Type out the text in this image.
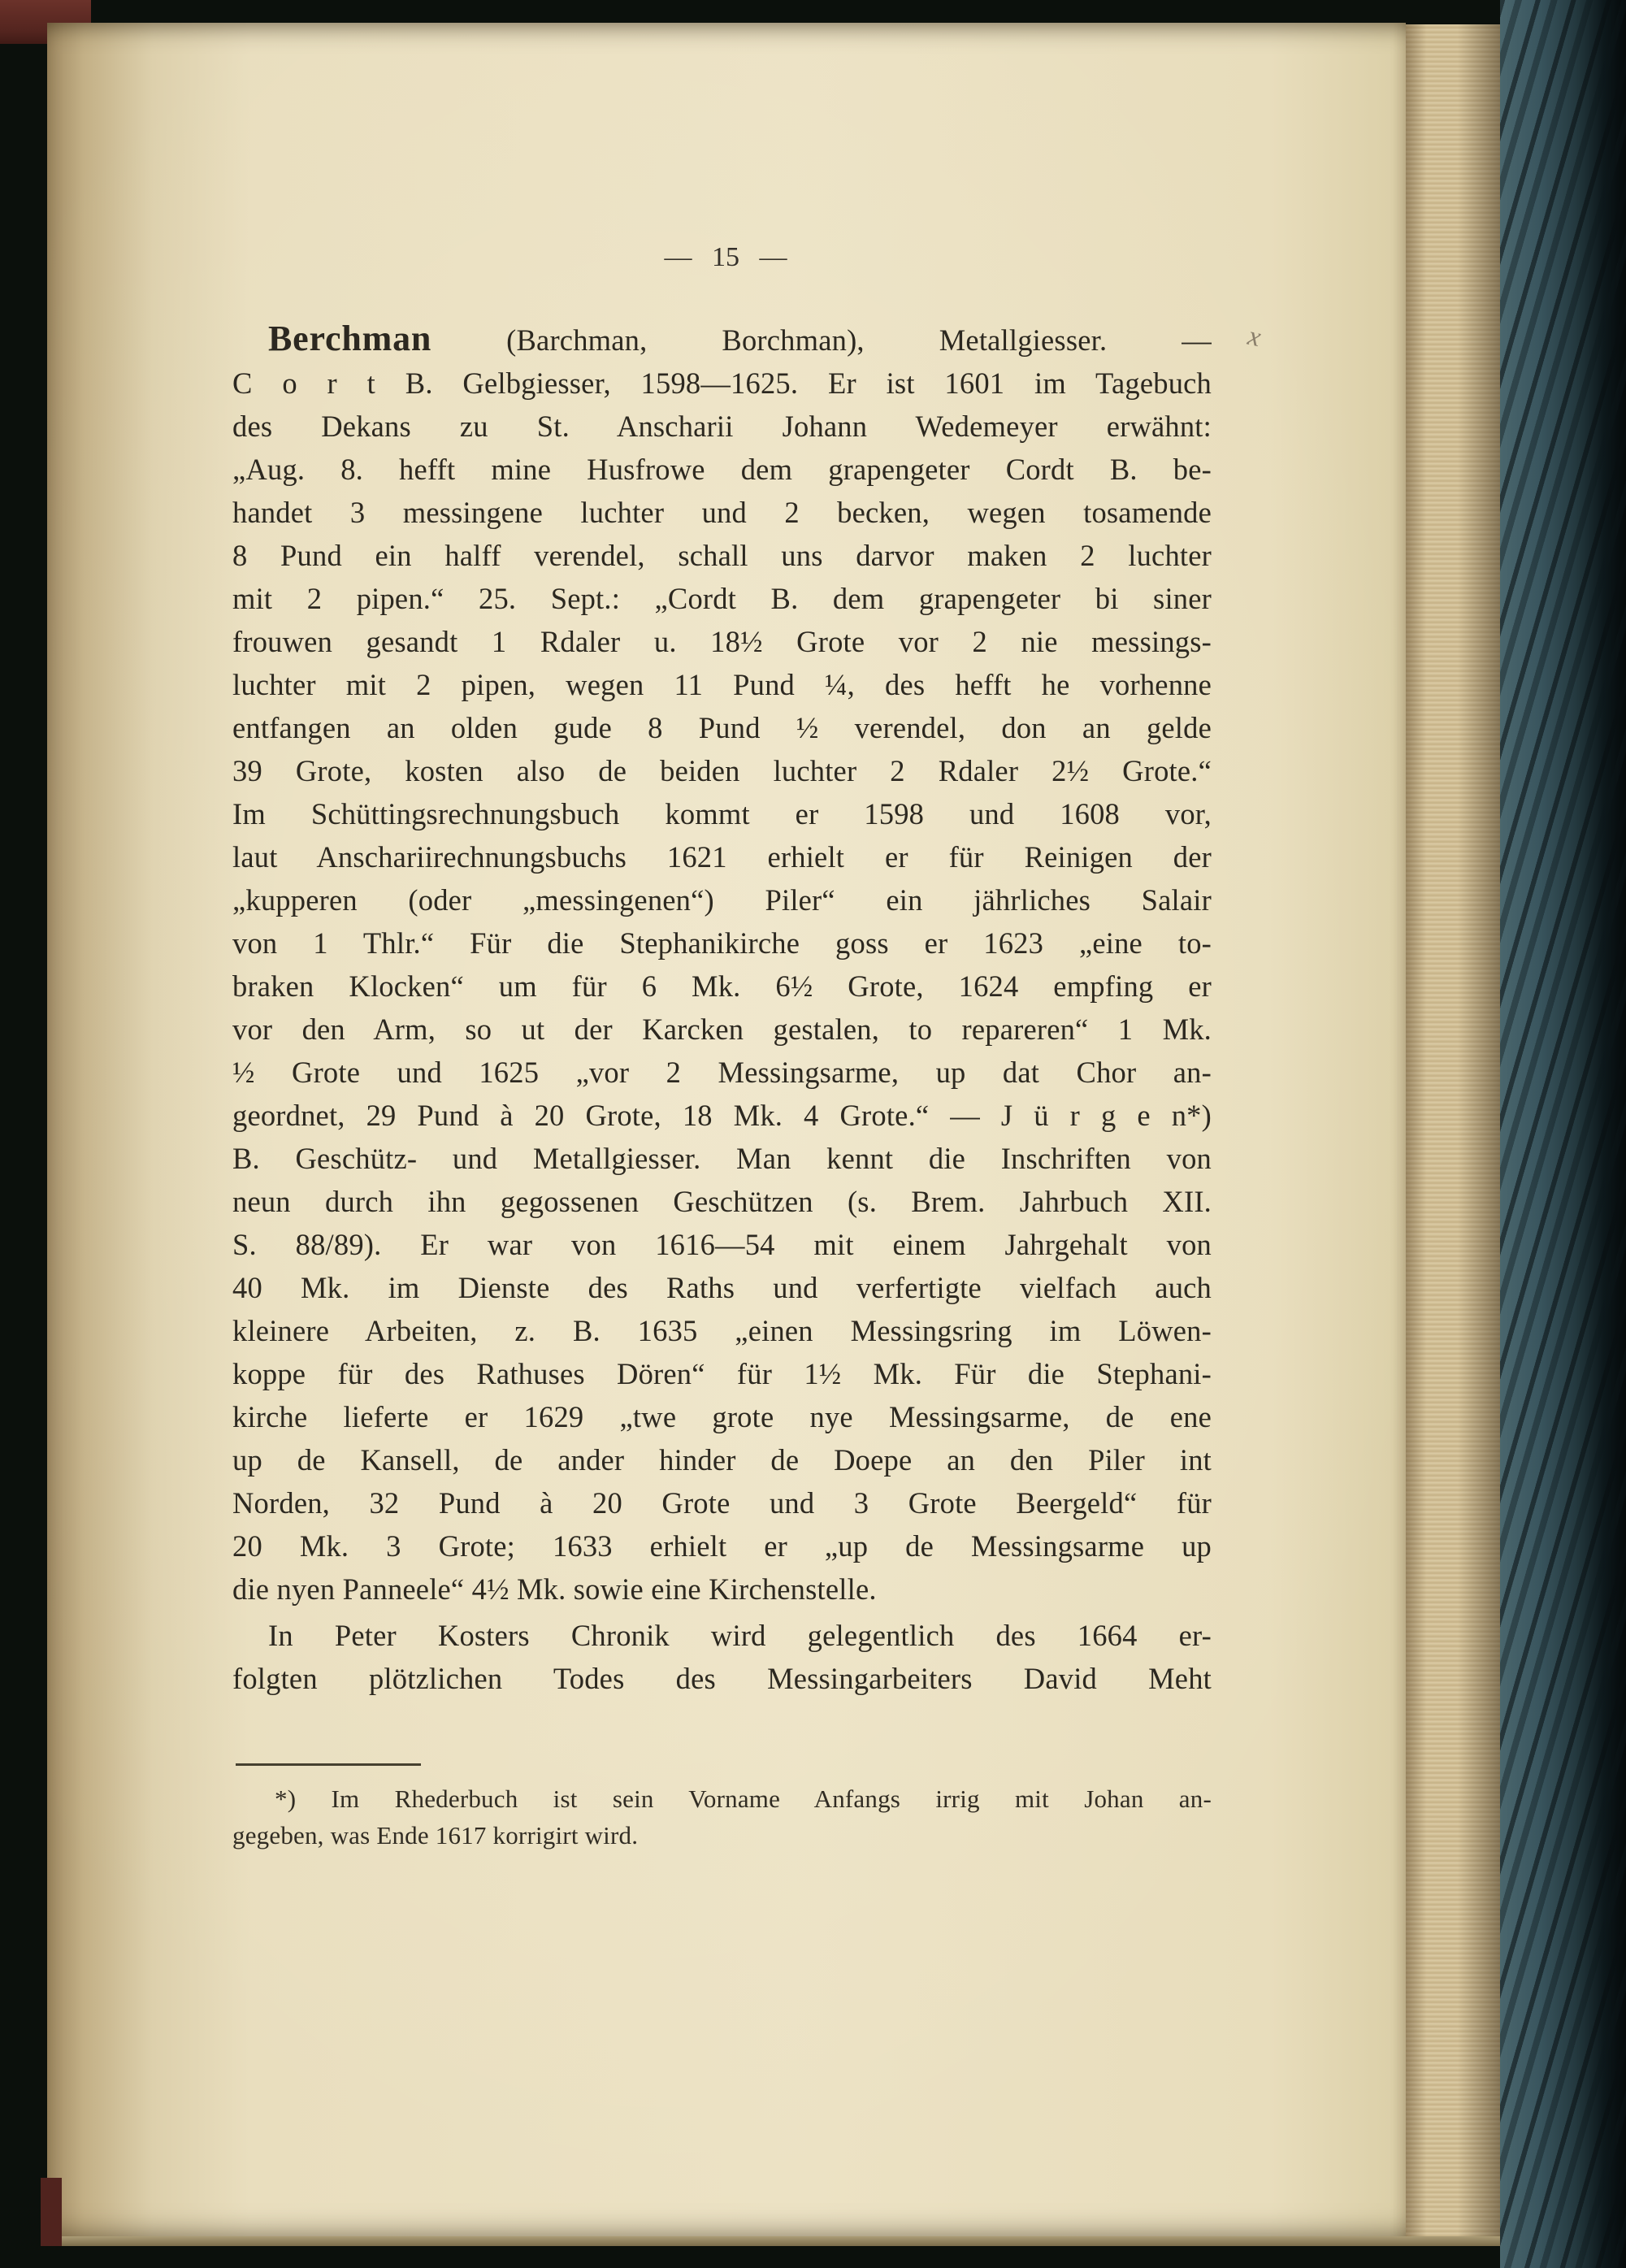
— 15 —
x
Berchman	(Barchman, Borchman), Metallgiesser. —
C o r t B. Gelbgiesser, 1598—1625. Er ist 1601 im Tagebuch
des Dekans zu St. Anscharii Johann Wedemeyer erwähnt:
„Aug. 8. hefft mine Husfrowe dem grapengeter Cordt B. be-
handet 3 messingene luchter und 2 becken, wegen tosamende
8 Pund ein halff verendel, schall uns darvor maken 2 luchter
mit 2 pipen.“ 25. Sept.: „Cordt B. dem grapengeter bi siner
frouwen gesandt 1 Rdaler u. 18½ Grote vor 2 nie messings-
luchter mit 2 pipen, wegen 11 Pund ¼, des hefft he vorhenne
entfangen an olden gude 8 Pund ½ verendel, don an gelde
39 Grote, kosten also de beiden luchter 2 Rdaler 2½ Grote.“
Im Schüttingsrechnungsbuch kommt er 1598 und 1608 vor,
laut Anschariirechnungsbuchs 1621 erhielt er für Reinigen der
„kupperen (oder „messingenen“) Piler“ ein jährliches Salair
von 1 Thlr.“ Für die Stephanikirche goss er 1623 „eine to-
braken Klocken“ um für 6 Mk. 6½ Grote, 1624 empfing er
vor den Arm, so ut der Karcken gestalen, to repareren“ 1 Mk.
½ Grote und 1625 „vor 2 Messingsarme, up dat Chor an-
geordnet, 29 Pund à 20 Grote, 18 Mk. 4 Grote.“ — J ü r g e n*)
B. Geschütz- und Metallgiesser. Man kennt die Inschriften von
neun durch ihn gegossenen Geschützen (s. Brem. Jahrbuch XII.
S. 88/89). Er war von 1616—54 mit einem Jahrgehalt von
40 Mk. im Dienste des Raths und verfertigte vielfach auch
kleinere Arbeiten, z. B. 1635 „einen Messingsring im Löwen-
koppe für des Rathuses Dören“ für 1½ Mk. Für die Stephani-
kirche lieferte er 1629 „twe grote nye Messingsarme, de ene
up de Kansell, de ander hinder de Doepe an den Piler int
Norden, 32 Pund à 20 Grote und 3 Grote Beergeld“ für
20 Mk. 3 Grote; 1633 erhielt er „up de Messingsarme up
die nyen Panneele“ 4½ Mk. sowie eine Kirchenstelle.
In Peter Kosters Chronik wird gelegentlich des 1664 er-
folgten plötzlichen Todes des Messingarbeiters David Meht
*) Im Rhederbuch ist sein Vorname Anfangs irrig mit Johan an-
gegeben, was Ende 1617 korrigirt wird.
